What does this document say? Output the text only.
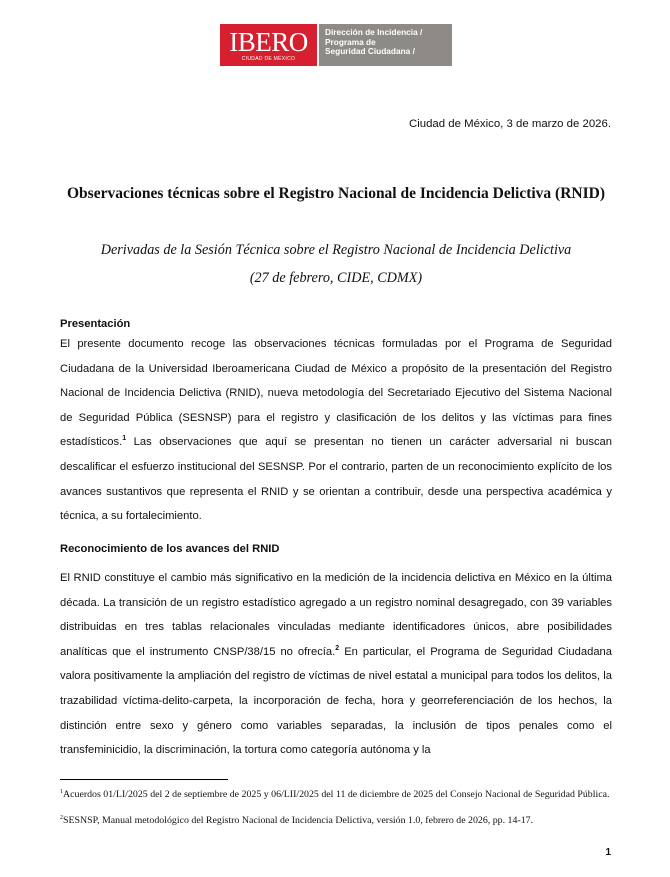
IBERO
CIUDAD DE MÉXICO
Dirección de Incidencia /
Programa de
Seguridad Ciudadana /
Ciudad de México, 3 de marzo de 2026.
Observaciones técnicas sobre el Registro Nacional de Incidencia Delictiva (RNID)
Derivadas de la Sesión Técnica sobre el Registro Nacional de Incidencia Delictiva
(27 de febrero, CIDE, CDMX)
Presentación
El presente documento recoge las observaciones técnicas formuladas por el Programa de Seguridad Ciudadana de la Universidad Iberoamericana Ciudad de México a propósito de la presentación del Registro Nacional de Incidencia Delictiva (RNID), nueva metodología del Secretariado Ejecutivo del Sistema Nacional de Seguridad Pública (SESNSP) para el registro y clasificación de los delitos y las víctimas para fines estadísticos.$^1$ Las observaciones que aquí se presentan no tienen un carácter adversarial ni buscan descalificar el esfuerzo institucional del SESNSP. Por el contrario, parten de un reconocimiento explícito de los avances sustantivos que representa el RNID y se orientan a contribuir, desde una perspectiva académica y técnica, a su fortalecimiento.
Reconocimiento de los avances del RNID
El RNID constituye el cambio más significativo en la medición de la incidencia delictiva en México en la última década. La transición de un registro estadístico agregado a un registro nominal desagregado, con 39 variables distribuidas en tres tablas relacionales vinculadas mediante identificadores únicos, abre posibilidades analíticas que el instrumento CNSP/38/15 no ofrecía.$^2$ En particular, el Programa de Seguridad Ciudadana valora positivamente la ampliación del registro de víctimas de nivel estatal a municipal para todos los delitos, la trazabilidad víctima-delito-carpeta, la incorporación de fecha, hora y georreferenciación de los hechos, la distinción entre sexo y género como variables separadas, la inclusión de tipos penales como el transfeminicidio, la discriminación, la tortura como categoría autónoma y la
$^1$Acuerdos 01/LI/2025 del 2 de septiembre de 2025 y 06/LII/2025 del 11 de diciembre de 2025 del Consejo Nacional de Seguridad Pública.
$^2$SESNSP, Manual metodológico del Registro Nacional de Incidencia Delictiva, versión 1.0, febrero de 2026, pp. 14-17.
1
